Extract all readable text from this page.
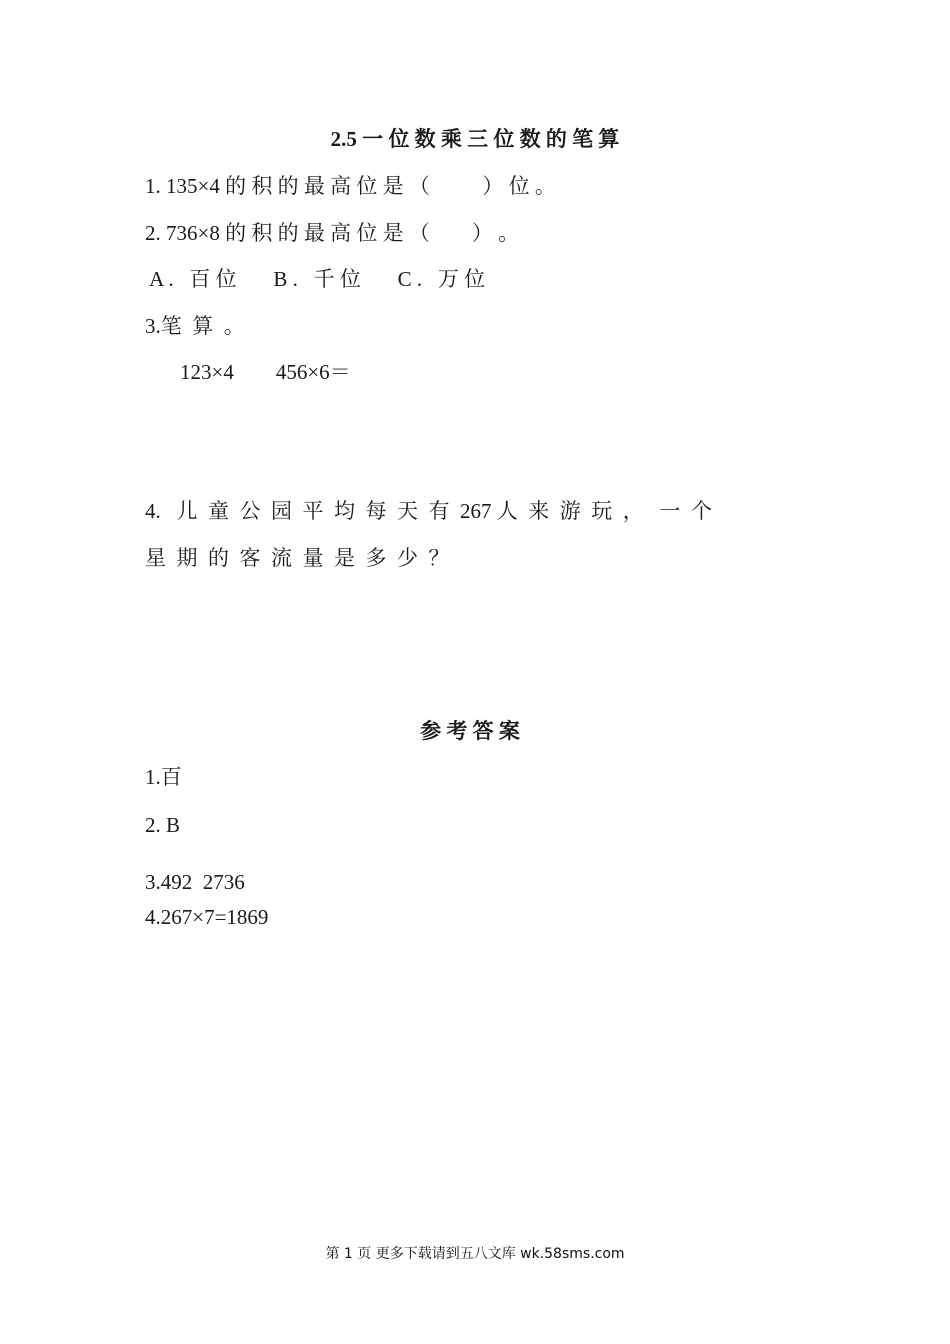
2.5 一 位 数 乘 三 位 数 的 笔 算
1. 135×4 的 积 的 最 高 位 是 （          ） 位 。
2. 736×8 的 积 的 最 高 位 是 （        ） 。
A .   百 位       B .   千 位       C .   万 位
3.笔  算  。
123×4        456×6＝
4.   儿  童  公  园  平  均  每  天  有  267 人  来  游  玩  ，   一  个
星  期  的  客  流  量  是  多  少  ？
参 考 答 案
1.百
2. B
3.492  2736
4.267×7=1869
第 1 页 更多下载请到五八文库 wk.58sms.com
